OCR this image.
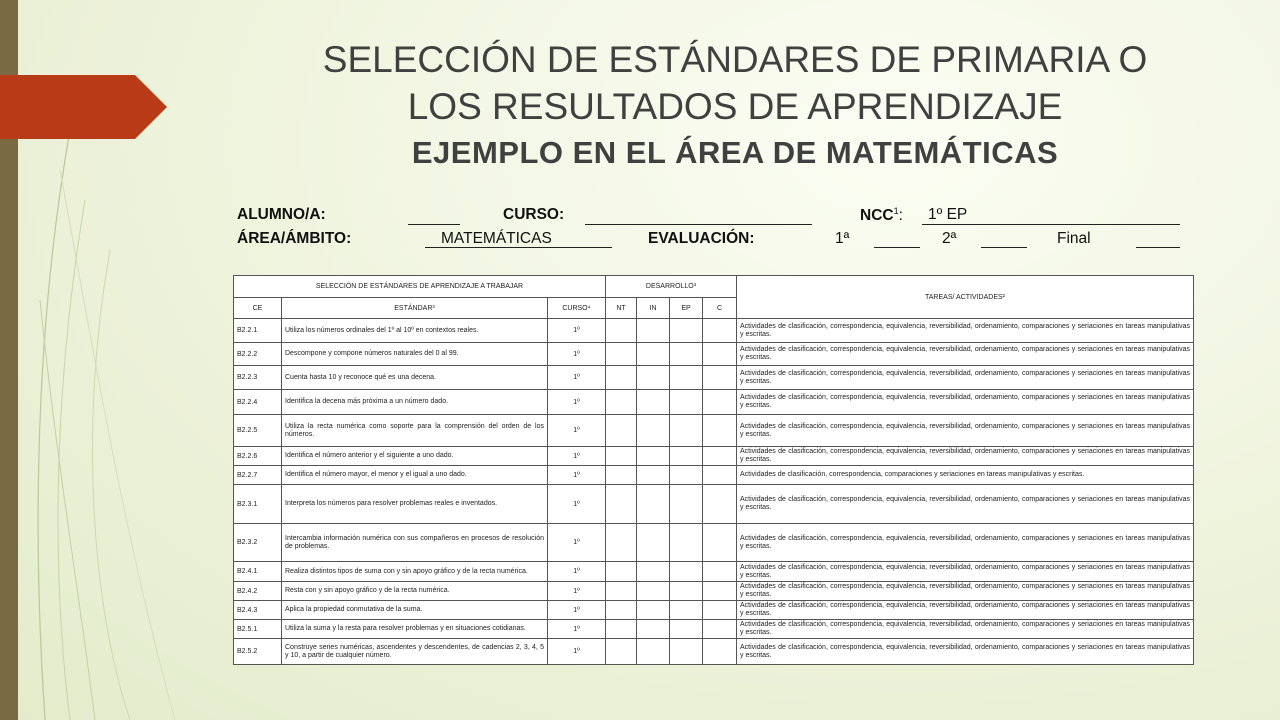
SELECCIÓN DE ESTÁNDARES DE PRIMARIA O
LOS RESULTADOS DE APRENDIZAJE
EJEMPLO EN EL ÁREA DE MATEMÁTICAS
ALUMNO/A:	CURSO:	NCC$^1$: 1º EP
ÁREA/ÁMBITO:	MATEMÁTICAS	EVALUACIÓN:	1ª	2ª	Final
SELECCIÓN DE ESTÁNDARES DE APRENDIZAJE A TRABAJAR			DESARROLLO³				TAREAS/ ACTIVIDADES²
CE	ESTÁNDAR³	CURSO⁴	NT	IN	EP	C	

B2.2.1	Utiliza los números ordinales del 1º al 10º en contextos reales.	1º					Actividades de clasificación, correspondencia, equivalencia, reversibilidad, ordenamiento, comparaciones y seriaciones en tareas manipulativas y escritas.
B2.2.2	Descompone y compone números naturales del 0 al 99.	1º					Actividades de clasificación, correspondencia, equivalencia, reversibilidad, ordenamiento, comparaciones y seriaciones en tareas manipulativas y escritas.
B2.2.3	Cuenta hasta 10 y reconoce qué es una decena.	1º					Actividades de clasificación, correspondencia, equivalencia, reversibilidad, ordenamiento, comparaciones y seriaciones en tareas manipulativas y escritas.
B2.2.4	Identifica la decena más próxima a un número dado.	1º					Actividades de clasificación, correspondencia, equivalencia, reversibilidad, ordenamiento, comparaciones y seriaciones en tareas manipulativas y escritas.
B2.2.5	Utiliza la recta numérica como soporte para la comprensión del orden de los números.	1º					Actividades de clasificación, correspondencia, equivalencia, reversibilidad, ordenamiento, comparaciones y seriaciones en tareas manipulativas y escritas.
B2.2.6	Identifica el número anterior y el siguiente a uno dado.	1º					Actividades de clasificación, correspondencia, equivalencia, reversibilidad, ordenamiento, comparaciones y seriaciones en tareas manipulativas y escritas.
B2.2.7	Identifica el número mayor, el menor y el igual a uno dado.	1º					Actividades de clasificación, correspondencia, comparaciones y seriaciones en tareas manipulativas y escritas.
B2.3.1	Interpreta los números para resolver problemas reales e inventados.	1º					Actividades de clasificación, correspondencia, equivalencia, reversibilidad, ordenamiento, comparaciones y seriaciones en tareas manipulativas y escritas.
B2.3.2	Intercambia información numérica con sus compañeros en procesos de resolución de problemas.	1º					Actividades de clasificación, correspondencia, equivalencia, reversibilidad, ordenamiento, comparaciones y seriaciones en tareas manipulativas y escritas.
B2.4.1	Realiza distintos tipos de suma con y sin apoyo gráfico y de la recta numérica.	1º					Actividades de clasificación, correspondencia, equivalencia, reversibilidad, ordenamiento, comparaciones y seriaciones en tareas manipulativas y escritas.
B2.4.2	Resta con y sin apoyo gráfico y de la recta numérica.	1º					Actividades de clasificación, correspondencia, equivalencia, reversibilidad, ordenamiento, comparaciones y seriaciones en tareas manipulativas y escritas.
B2.4.3	Aplica la propiedad conmutativa de la suma.	1º					Actividades de clasificación, correspondencia, equivalencia, reversibilidad, ordenamiento, comparaciones y seriaciones en tareas manipulativas y escritas.
B2.5.1	Utiliza la suma y la resta para resolver problemas y en situaciones cotidianas.	1º					Actividades de clasificación, correspondencia, equivalencia, reversibilidad, ordenamiento, comparaciones y seriaciones en tareas manipulativas y escritas.
B2.5.2	Construye series numéricas, ascendentes y descendentes, de cadencias 2, 3, 4, 5 y 10, a partir de cualquier número.	1º					Actividades de clasificación, correspondencia, equivalencia, reversibilidad, ordenamiento, comparaciones y seriaciones en tareas manipulativas y escritas.
